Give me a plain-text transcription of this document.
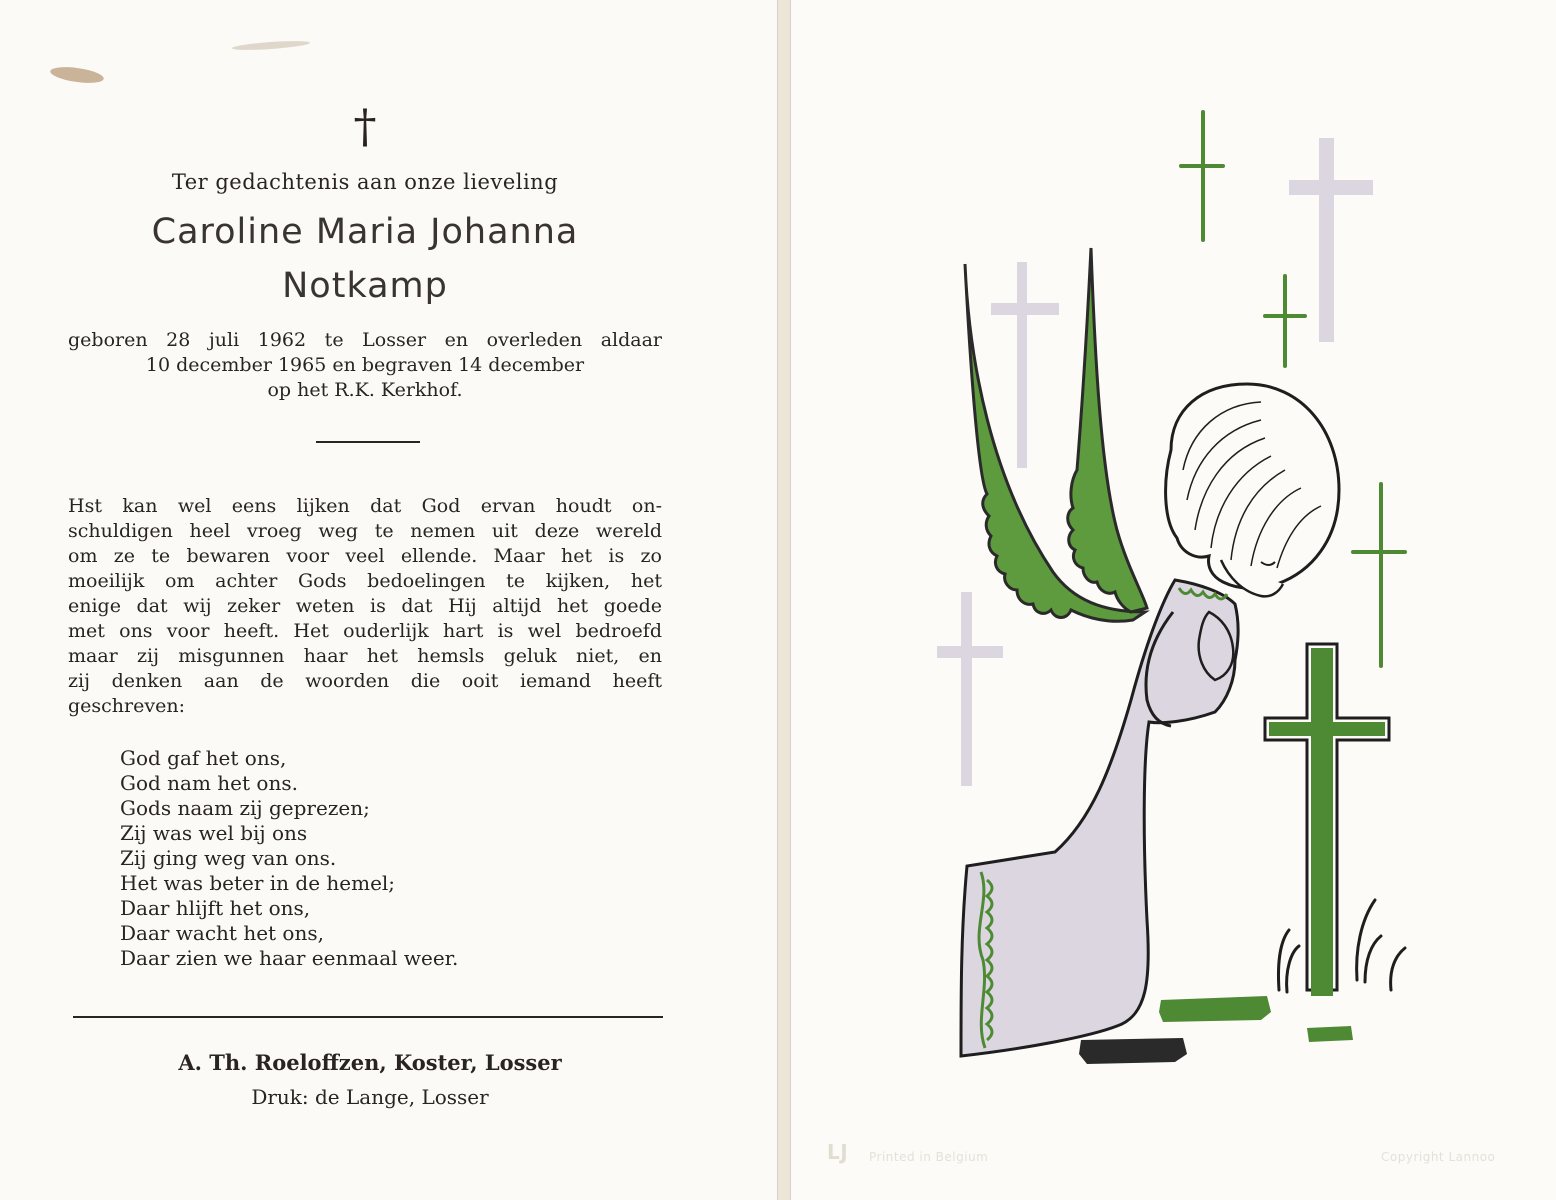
†
Ter gedachtenis aan onze lieveling
Caroline Maria Johanna
Notkamp
geboren 28 juli 1962 te Losser en overleden aldaar
10 december 1965 en begraven 14 december
op het R.K. Kerkhof.
Hst kan wel eens lijken dat God ervan houdt on-
schuldigen heel vroeg weg te nemen uit deze wereld
om ze te bewaren voor veel ellende. Maar het is zo
moeilijk om achter Gods bedoelingen te kijken, het
enige dat wij zeker weten is dat Hij altijd het goede
met ons voor heeft. Het ouderlijk hart is wel bedroefd
maar zij misgunnen haar het hemsls geluk niet, en
zij denken aan de woorden die ooit iemand heeft
geschreven:
God gaf het ons,
God nam het ons.
Gods naam zij geprezen;
Zij was wel bij ons
Zij ging weg van ons.
Het was beter in de hemel;
Daar hlijft het ons,
Daar wacht het ons,
Daar zien we haar eenmaal weer.
A. Th. Roeloffzen, Koster, Losser
Druk: de Lange, Losser
LJ Printed in Belgium	Copyright Lannoo
